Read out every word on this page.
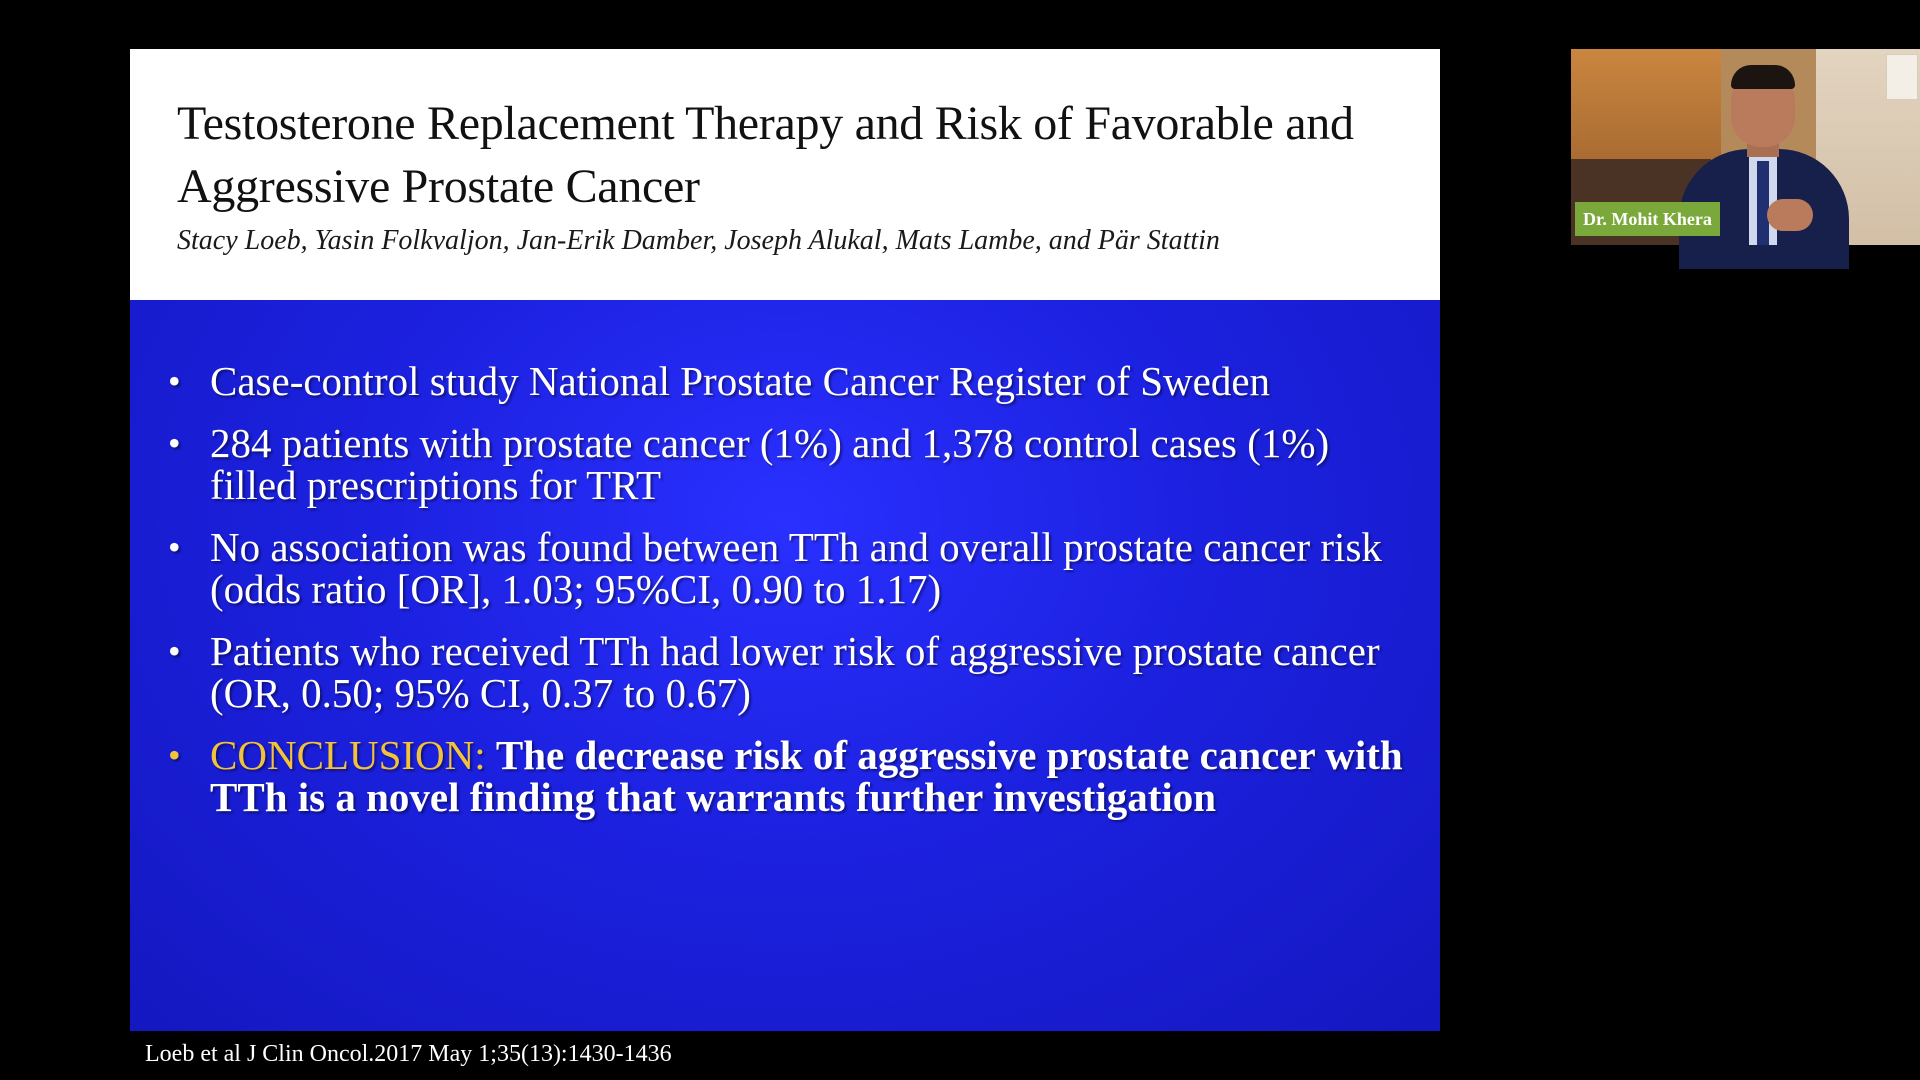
Testosterone Replacement Therapy and Risk of Favorable and Aggressive Prostate Cancer
Stacy Loeb, Yasin Folkvaljon, Jan-Erik Damber, Joseph Alukal, Mats Lambe, and Pär Stattin
• Case-control study National Prostate Cancer Register of Sweden
• 284 patients with prostate cancer (1%) and 1,378 control cases (1%) filled prescriptions for TRT
• No association was found between TTh and overall prostate cancer risk (odds ratio [OR], 1.03; 95%CI, 0.90 to 1.17)
• Patients who received TTh had lower risk of aggressive prostate cancer (OR, 0.50; 95% CI, 0.37 to 0.67)
• CONCLUSION: The decrease risk of aggressive prostate cancer with TTh is a novel finding that warrants further investigation
Loeb et al J Clin Oncol.2017 May 1;35(13):1430-1436
Dr. Mohit Khera
